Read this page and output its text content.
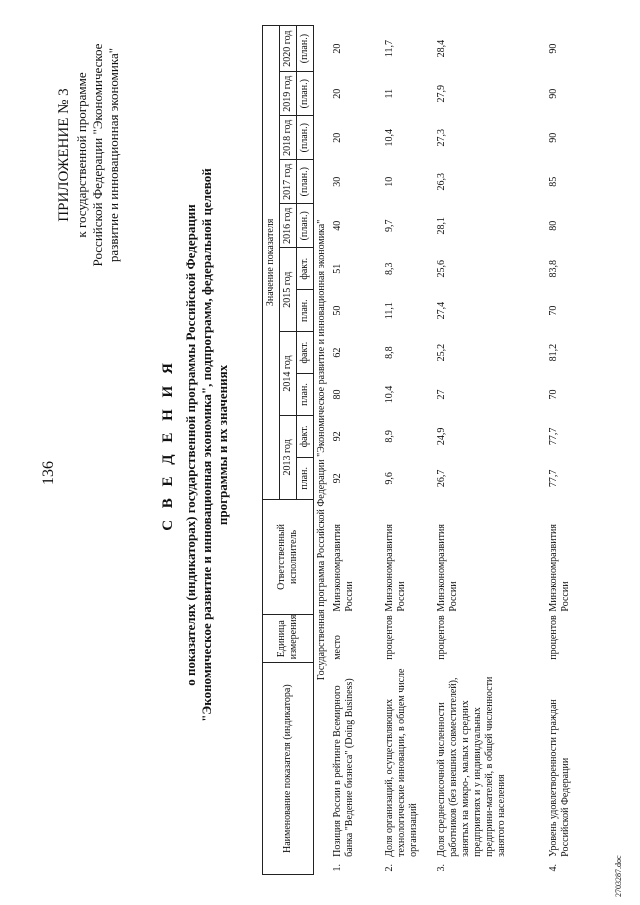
136
ПРИЛОЖЕНИЕ № 3 к государственной программе Российской Федерации "Экономическое развитие и инновационная экономика"
С В Е Д Е Н И Я о показателях (индикаторах) государственной программы Российской Федерации "Экономическое развитие и инновационная экономика", подпрограмм, федеральной целевой программы и их значениях
Наименование показателя (индикатора)		Единица измерения	Ответственный исполнитель	Значение показателя										
				2013 год		2014 год		2015 год		2016 год	2017 год	2018 год	2019 год	2020 год
				план.	факт.	план.	факт.	план.	факт.	(план.)	(план.)	(план.)	(план.)	(план.)
Государственная программа Российской Федерации "Экономическое развитие и инновационная экономика"														
1.	Позиция России в рейтинге Всемирного банка "Ведение бизнеса" (Doing Business)	место	Минэкономразвития России	92	92	80	62	50	51	40	30	20	20	20
2.	Доля организаций, осуществляющих технологические инновации, в общем числе организаций	процентов	Минэкономразвития России	9,6	8,9	10,4	8,8	11,1	8,3	9,7	10	10,4	11	11,7
3.	Доля среднесписочной численности работников (без внешних совместителей), занятых на микро-, малых и средних предприятиях и у индивидуальных предприни-мателей, в общей численности занятого населения	процентов	Минэкономразвития России	26,7	24,9	27	25,2	27,4	25,6	28,1	26,3	27,3	27,9	28,4
4.	Уровень удовлетворенности граждан Российской Федерации	процентов	Минэкономразвития России	77,7	77,7	70	81,2	70	83,8	80	85	90	90	90
2703287.doc
